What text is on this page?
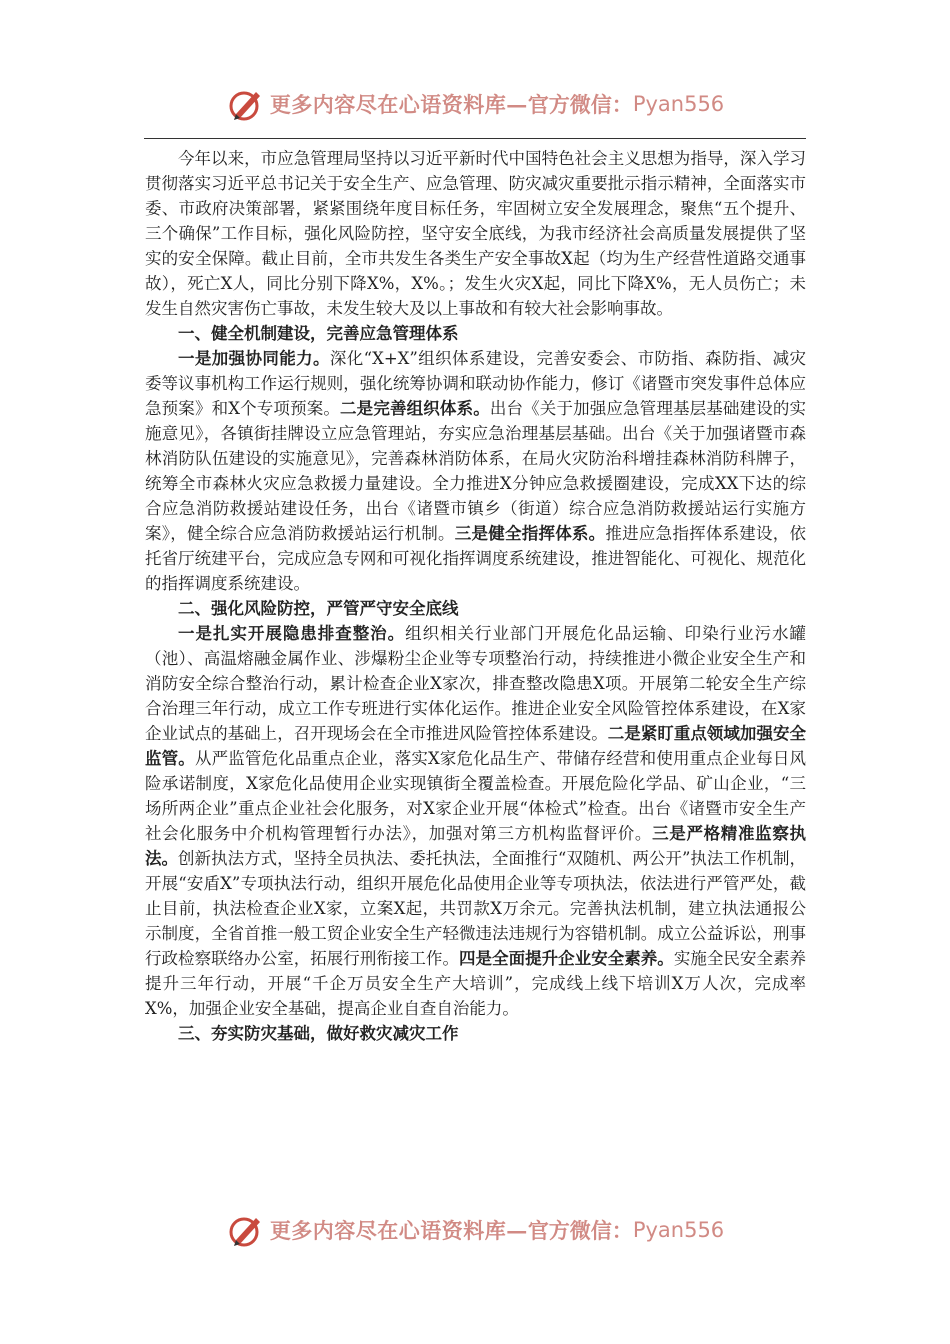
更多内容尽在心语资料库— 官方微信： Pyan556

今年以来，市应急管理局坚持以习近平新时代中国特色社会主义思想为指导，深入学习贯彻落实习近平总书记关于安全生产、应急管理、防灾减灾重要批示指示精神，全面落实市委、市政府决策部署，紧紧围绕年度目标任务，牢固树立安全发展理念，聚焦“五个提升、三个确保”工作目标，强化风险防控，坚守安全底线，为我市经济社会高质量发展提供了坚实的安全保障。截止目前，全市共发生各类生产安全事故X起（均为生产经营性道路交通事故），死亡X人，同比分别下降X%，X%。；发生火灾X起，同比下降X%，无人员伤亡；未发生自然灾害伤亡事故，未发生较大及以上事故和有较大社会影响事故。

一、健全机制建设，完善应急管理体系

一是加强协同能力。深化“X+X”组织体系建设，完善安委会、市防指、森防指、减灾委等议事机构工作运行规则，强化统筹协调和联动协作能力，修订《诸暨市突发事件总体应急预案》和X个专项预案。二是完善组织体系。出台《关于加强应急管理基层基础建设的实施意见》，各镇街挂牌设立应急管理站，夯实应急治理基层基础。出台《关于加强诸暨市森林消防队伍建设的实施意见》，完善森林消防体系，在局火灾防治科增挂森林消防科牌子，统筹全市森林火灾应急救援力量建设。全力推进X分钟应急救援圈建设，完成XX下达的综合应急消防救援站建设任务，出台《诸暨市镇乡（街道）综合应急消防救援站运行实施方案》，健全综合应急消防救援站运行机制。三是健全指挥体系。推进应急指挥体系建设，依托省厅统建平台，完成应急专网和可视化指挥调度系统建设，推进智能化、可视化、规范化的指挥调度系统建设。

二、强化风险防控，严管严守安全底线

一是扎实开展隐患排查整治。组织相关行业部门开展危化品运输、印染行业污水罐（池）、高温熔融金属作业、涉爆粉尘企业等专项整治行动，持续推进小微企业安全生产和消防安全综合整治行动，累计检查企业X家次，排查整改隐患X项。开展第二轮安全生产综合治理三年行动，成立工作专班进行实体化运作。推进企业安全风险管控体系建设，在X家企业试点的基础上，召开现场会在全市推进风险管控体系建设。二是紧盯重点领域加强安全监管。从严监管危化品重点企业，落实X家危化品生产、带储存经营和使用重点企业每日风险承诺制度，X家危化品使用企业实现镇街全覆盖检查。开展危险化学品、矿山企业，“三场所两企业”重点企业社会化服务，对X家企业开展“体检式”检查。出台《诸暨市安全生产社会化服务中介机构管理暂行办法》，加强对第三方机构监督评价。三是严格精准监察执法。创新执法方式，坚持全员执法、委托执法，全面推行“双随机、两公开”执法工作机制，开展“安盾X”专项执法行动，组织开展危化品使用企业等专项执法，依法进行严管严处，截止目前，执法检查企业X家，立案X起，共罚款X万余元。完善执法机制，建立执法通报公示制度，全省首推一般工贸企业安全生产轻微违法违规行为容错机制。成立公益诉讼，刑事行政检察联络办公室，拓展行刑衔接工作。四是全面提升企业安全素养。实施全民安全素养提升三年行动，开展“千企万员安全生产大培训”，完成线上线下培训X万人次，完成率X%，加强企业安全基础，提高企业自查自治能力。

三、夯实防灾基础，做好救灾减灾工作

更多内容尽在心语资料库— 官方微信： Pyan556
